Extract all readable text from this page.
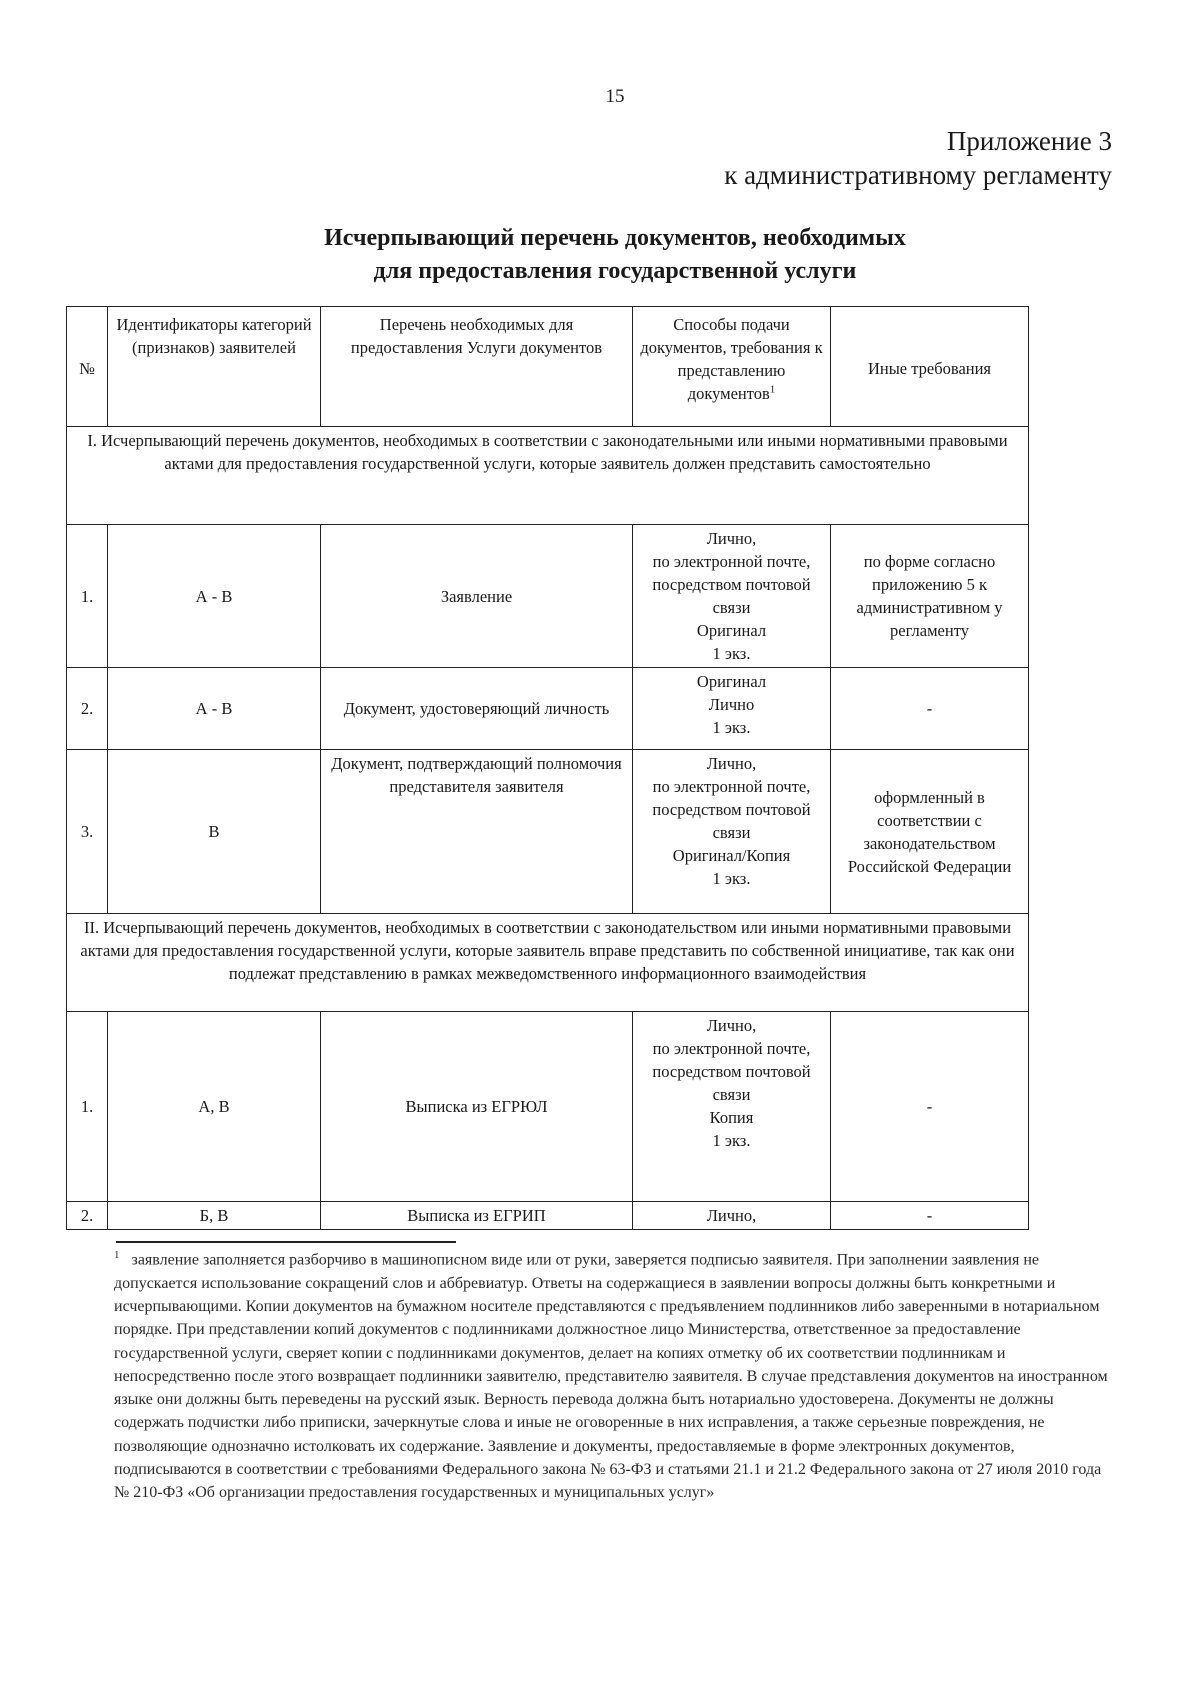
15
Приложение 3
к административному регламенту
Исчерпывающий перечень документов, необходимых
для предоставления государственной услуги
№	Идентификаторы категорий (признаков) заявителей	Перечень необходимых для предоставления Услуги документов	Способы подачи документов, требования к представлению документов$^1$	Иные требования
I. Исчерпывающий перечень документов, необходимых в соответствии с законодательными или иными нормативными правовыми актами для предоставления государственной услуги, которые заявитель должен представить самостоятельно				
1.	А - В	Заявление	Лично,
по электронной почте, посредством почтовой связи
Оригинал
1 экз.	по форме согласно приложению 5 к административном у регламенту
2.	А - В	Документ, удостоверяющий личность	Оригинал
Лично
1 экз.	-
3.	В	Документ, подтверждающий полномочия представителя заявителя	Лично,
по электронной почте,
посредством почтовой связи
Оригинал/Копия
1 экз.	оформленный в соответствии с законодательством Российской Федерации
II. Исчерпывающий перечень документов, необходимых в соответствии с законодательством или иными нормативными правовыми актами для предоставления государственной услуги, которые заявитель вправе представить по собственной инициативе, так как они подлежат представлению в рамках межведомственного информационного взаимодействия				
1.	А, В	Выписка из ЕГРЮЛ	Лично,
по электронной почте,
посредством почтовой связи
Копия
1 экз.	-
2.	Б, В	Выписка из ЕГРИП	Лично,	-
$^1$ заявление заполняется разборчиво в машинописном виде или от руки, заверяется подписью заявителя. При заполнении заявления не допускается использование сокращений слов и аббревиатур. Ответы на содержащиеся в заявлении вопросы должны быть конкретными и исчерпывающими. Копии документов на бумажном носителе представляются с предъявлением подлинников либо заверенными в нотариальном порядке. При представлении копий документов с подлинниками должностное лицо Министерства, ответственное за предоставление государственной услуги, сверяет копии с подлинниками документов, делает на копиях отметку об их соответствии подлинникам и непосредственно после этого возвращает подлинники заявителю, представителю заявителя. В случае представления документов на иностранном языке они должны быть переведены на русский язык. Верность перевода должна быть нотариально удостоверена. Документы не должны содержать подчистки либо приписки, зачеркнутые слова и иные не оговоренные в них исправления, а также серьезные повреждения, не позволяющие однозначно истолковать их содержание. Заявление и документы, предоставляемые в форме электронных документов, подписываются в соответствии с требованиями Федерального закона № 63-ФЗ и статьями 21.1 и 21.2 Федерального закона от 27 июля 2010 года № 210-ФЗ «Об организации предоставления государственных и муниципальных услуг»
